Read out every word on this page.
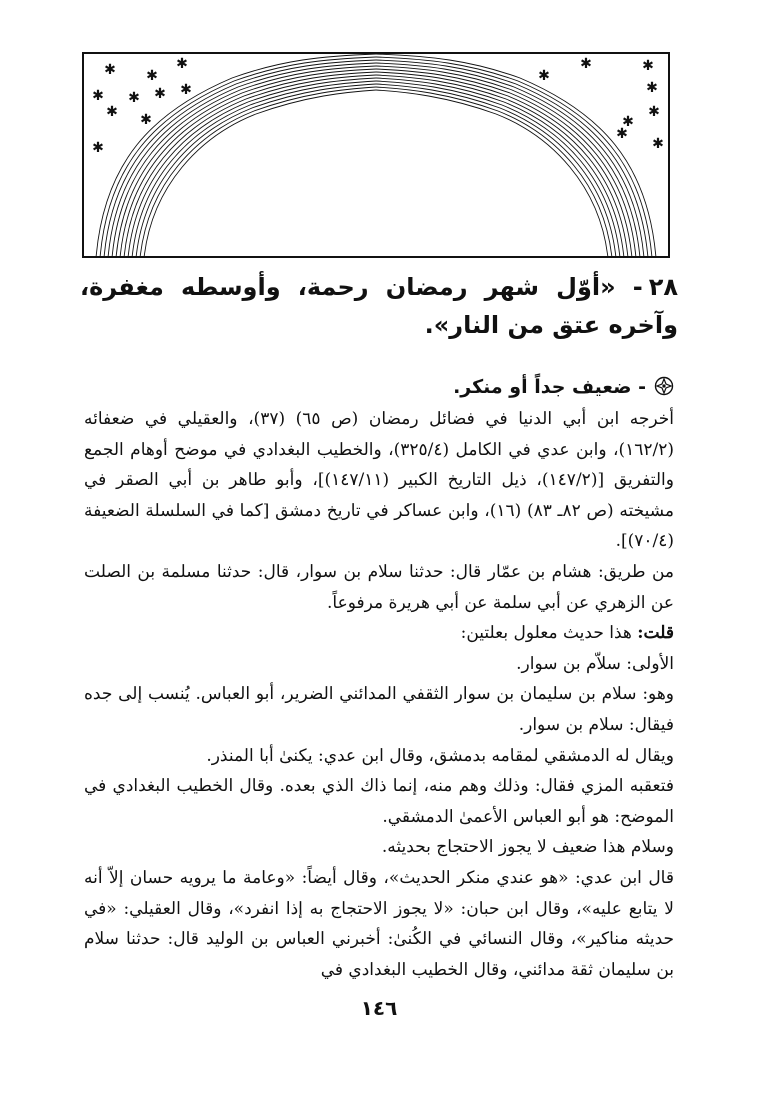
✱ ✱
✱
✱ ✱ ✱ ✱
✱ ✱
✱
✱
✱	✱
✱
✱
✱
✱
✱
٢٨- «أوّل شهر رمضان رحمة، وأوسطه مغفرة، وآخره عتق من النار».
- ضعيف جداً أو منكر.

أخرجه ابن أبي الدنيا في فضائل رمضان (ص ٦٥) (٣٧)، والعقيلي في ضعفائه (١٦٢/٢)، وابن عدي في الكامل (٣٢٥/٤)، والخطيب البغدادي في موضح أوهام الجمع والتفريق [(١٤٧/٢)، ذيل التاريخ الكبير (١٤٧/١١)]، وأبو طاهر بن أبي الصقر في مشيخته (ص ٨٢ـ ٨٣) (١٦)، وابن عساكر في تاريخ دمشق [كما في السلسلة الضعيفة (٧٠/٤)].

من طريق: هشام بن عمّار قال: حدثنا سلام بن سوار، قال: حدثنا مسلمة بن الصلت عن الزهري عن أبي سلمة عن أبي هريرة مرفوعاً.

قلت: هذا حديث معلول بعلتين:

الأولى: سلاّم بن سوار.

وهو: سلام بن سليمان بن سوار الثقفي المدائني الضرير، أبو العباس. يُنسب إلى جده فيقال: سلام بن سوار.

ويقال له الدمشقي لمقامه بدمشق، وقال ابن عدي: يكنىٰ أبا المنذر.

فتعقبه المزي فقال: وذلك وهم منه، إنما ذاك الذي بعده. وقال الخطيب البغدادي في الموضح: هو أبو العباس الأعمىٰ الدمشقي.

وسلام هذا ضعيف لا يجوز الاحتجاج بحديثه.

قال ابن عدي: «هو عندي منكر الحديث»، وقال أيضاً: «وعامة ما يرويه حسان إلاّ أنه لا يتابع عليه»، وقال ابن حبان: «لا يجوز الاحتجاج به إذا انفرد»، وقال العقيلي: «في حديثه مناكير»، وقال النسائي في الكُنىٰ: أخبرني العباس بن الوليد قال: حدثنا سلام بن سليمان ثقة مدائني، وقال الخطيب البغدادي في

١٤٦
